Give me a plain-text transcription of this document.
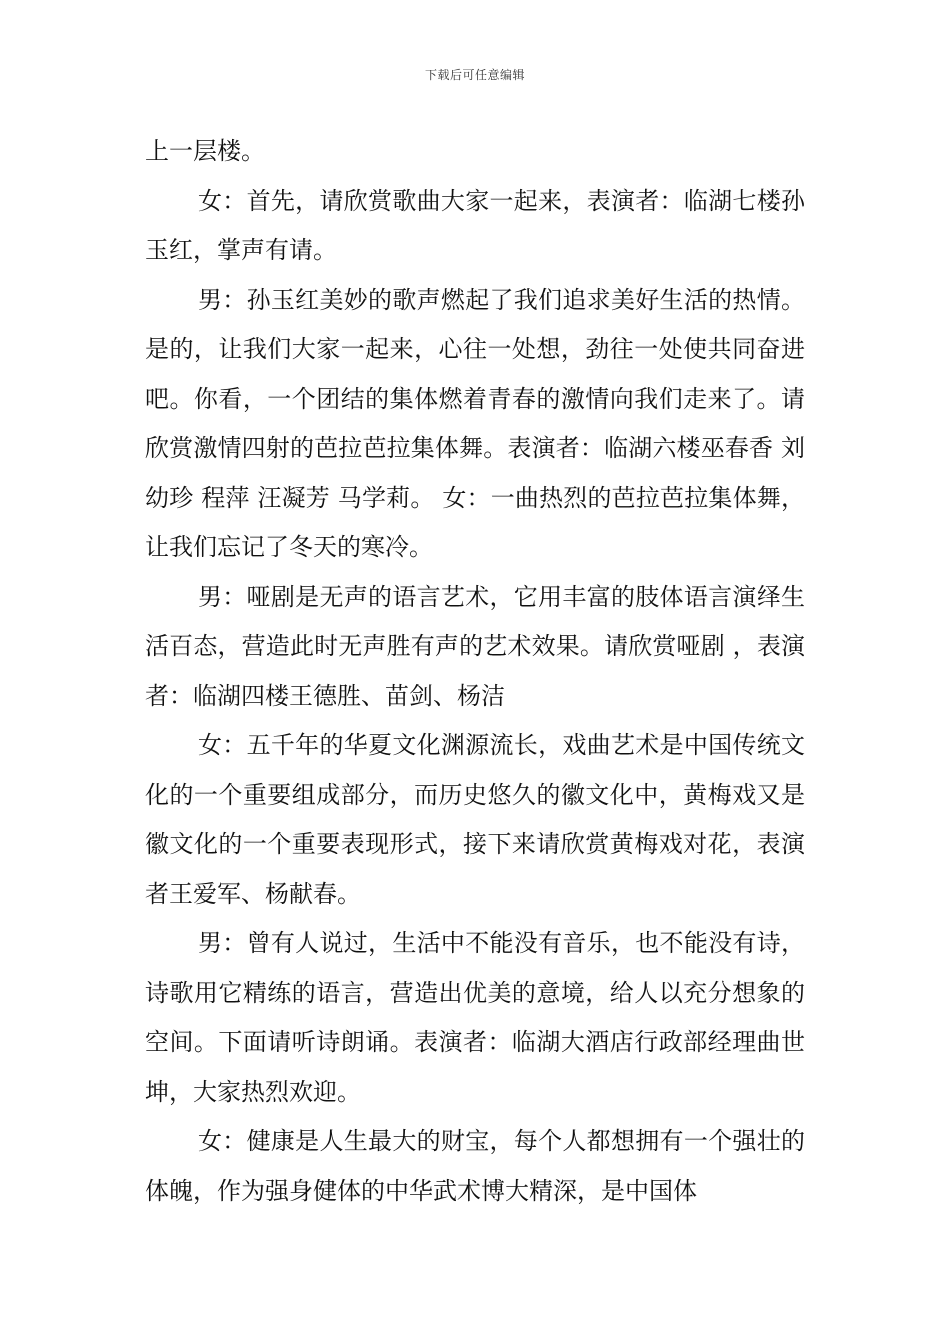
下载后可任意编辑

上一层楼。

女：首先，请欣赏歌曲大家一起来，表演者：临湖七楼孙玉红，掌声有请。

男：孙玉红美妙的歌声燃起了我们追求美好生活的热情。是的，让我们大家一起来，心往一处想，劲往一处使共同奋进吧。你看，一个团结的集体燃着青春的激情向我们走来了。请欣赏激情四射的芭拉芭拉集体舞。表演者：临湖六楼巫春香 刘幼珍 程萍 汪凝芳 马学莉。 女：一曲热烈的芭拉芭拉集体舞，让我们忘记了冬天的寒冷。

男：哑剧是无声的语言艺术，它用丰富的肢体语言演绎生活百态，营造此时无声胜有声的艺术效果。请欣赏哑剧 ，表演者：临湖四楼王德胜、苗剑、杨洁

女：五千年的华夏文化渊源流长，戏曲艺术是中国传统文化的一个重要组成部分，而历史悠久的徽文化中，黄梅戏又是徽文化的一个重要表现形式，接下来请欣赏黄梅戏对花，表演者王爱军、杨献春。

男：曾有人说过，生活中不能没有音乐，也不能没有诗，诗歌用它精练的语言，营造出优美的意境，给人以充分想象的空间。下面请听诗朗诵。表演者：临湖大酒店行政部经理曲世坤，大家热烈欢迎。

女：健康是人生最大的财宝，每个人都想拥有一个强壮的体魄，作为强身健体的中华武术博大精深，是中国体
